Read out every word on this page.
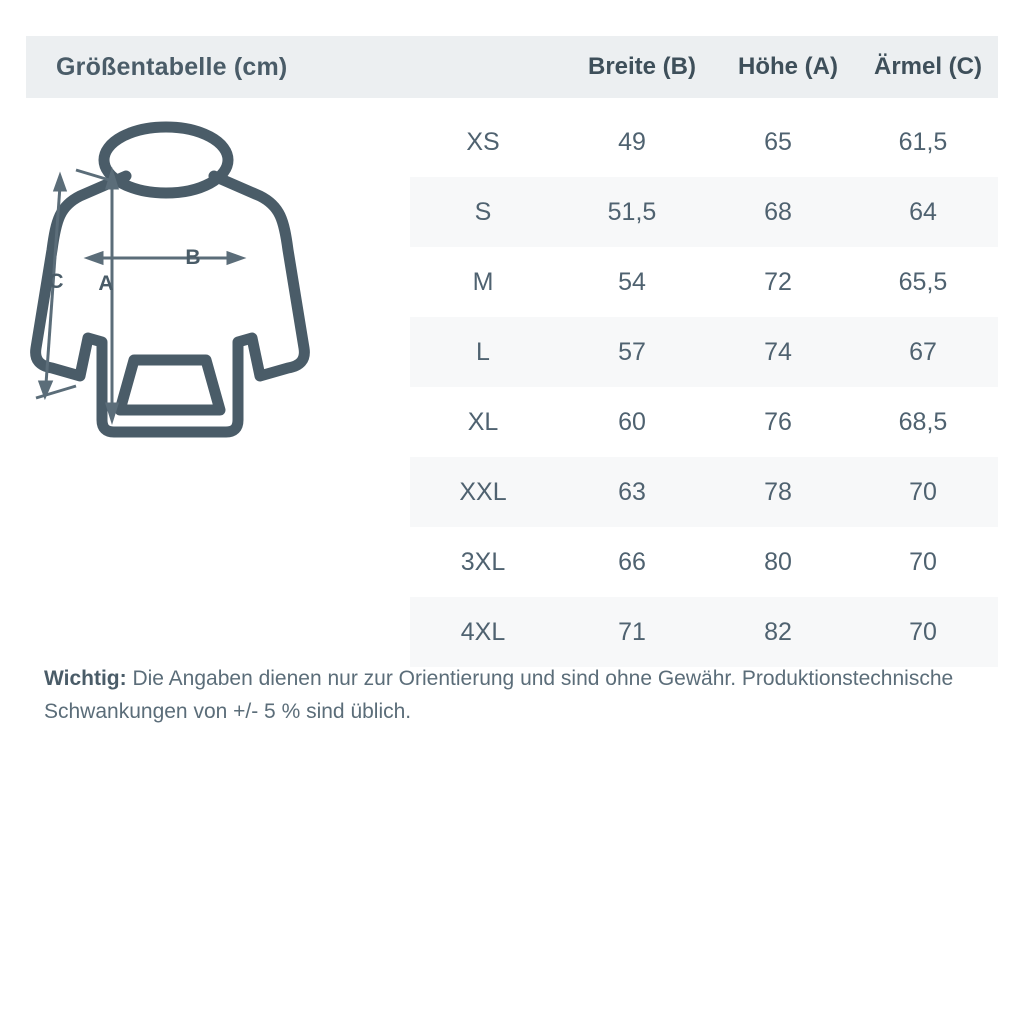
Größentabelle (cm)	Breite (B)	Höhe (A)	Ärmel (C)
XS	49	65	61,5
S	51,5	68	64
M	54	72	65,5
L	57	74	67
XL	60	76	68,5
XXL	63	78	70
3XL	66	80	70
4XL	71	82	70
Wichtig: Die Angaben dienen nur zur Orientierung und sind ohne Gewähr. Produktionstechnische Schwankungen von +/- 5 % sind üblich.
B
A
C
